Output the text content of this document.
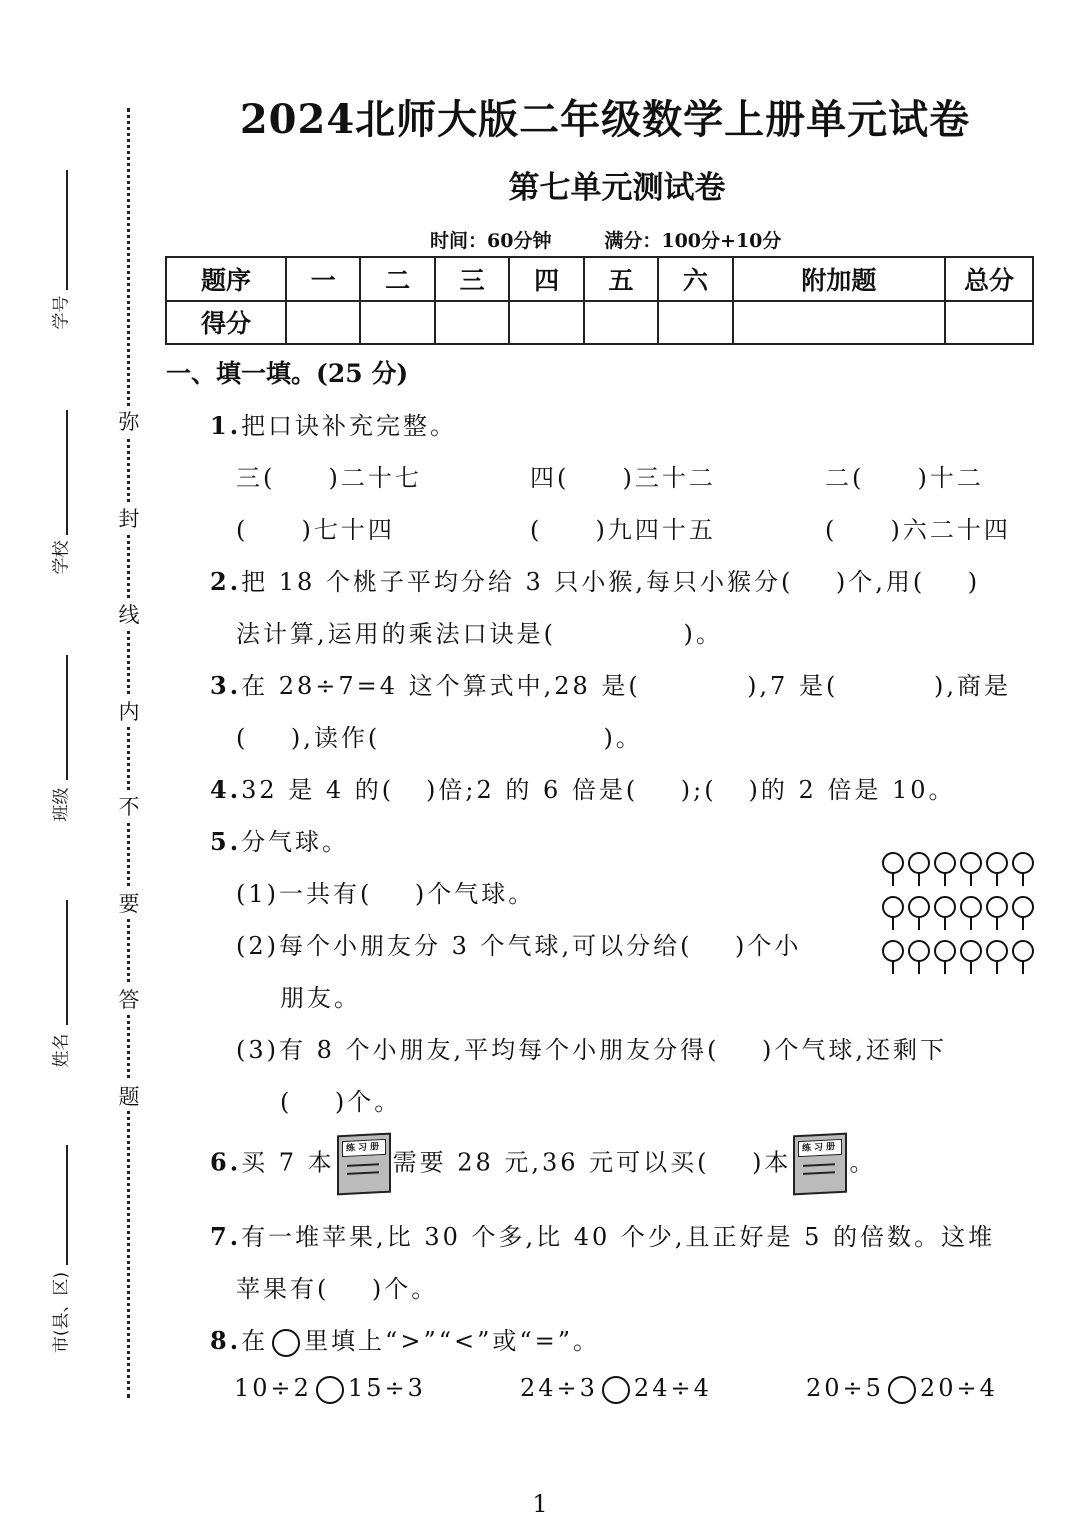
学号
学校
班级
姓名
市(县、区)
弥
封
线
内
不
要
答
题
2024北师大版二年级数学上册单元试卷
第七单元测试卷
时间：60分钟        满分：100分+10分
题序	一	二	三	四	五	六	附加题	总分
得分								
一、填一填。(25 分)
1.把口诀补充完整。
三(     )二十七	四(     )三十二	二(     )十二
(     )七十四	(     )九四十五	(     )六二十四
2.把 18 个桃子平均分给 3 只小猴,每只小猴分(    )个,用(    )
法计算,运用的乘法口诀是(            )。
3.在 28÷7=4 这个算式中,28 是(          ),7 是(         ),商是
(    ),读作(                     )。
4.32 是 4 的(   )倍;2 的 6 倍是(    );(   )的 2 倍是 10。
5.分气球。
(1)一共有(    )个气球。
(2)每个小朋友分 3 个气球,可以分给(    )个小
朋友。
(3)有 8 个小朋友,平均每个小朋友分得(    )个气球,还剩下
(    )个。
6.买 7 本
练习册
需要 28 元,36 元可以买(    )本
练习册
。
7.有一堆苹果,比 30 个多,比 40 个少,且正好是 5 的倍数。这堆
苹果有(    )个。
8.在 里填上“>”“<”或“=”。
10÷2 15÷3	24÷3 24÷4	20÷5 20÷4
1
